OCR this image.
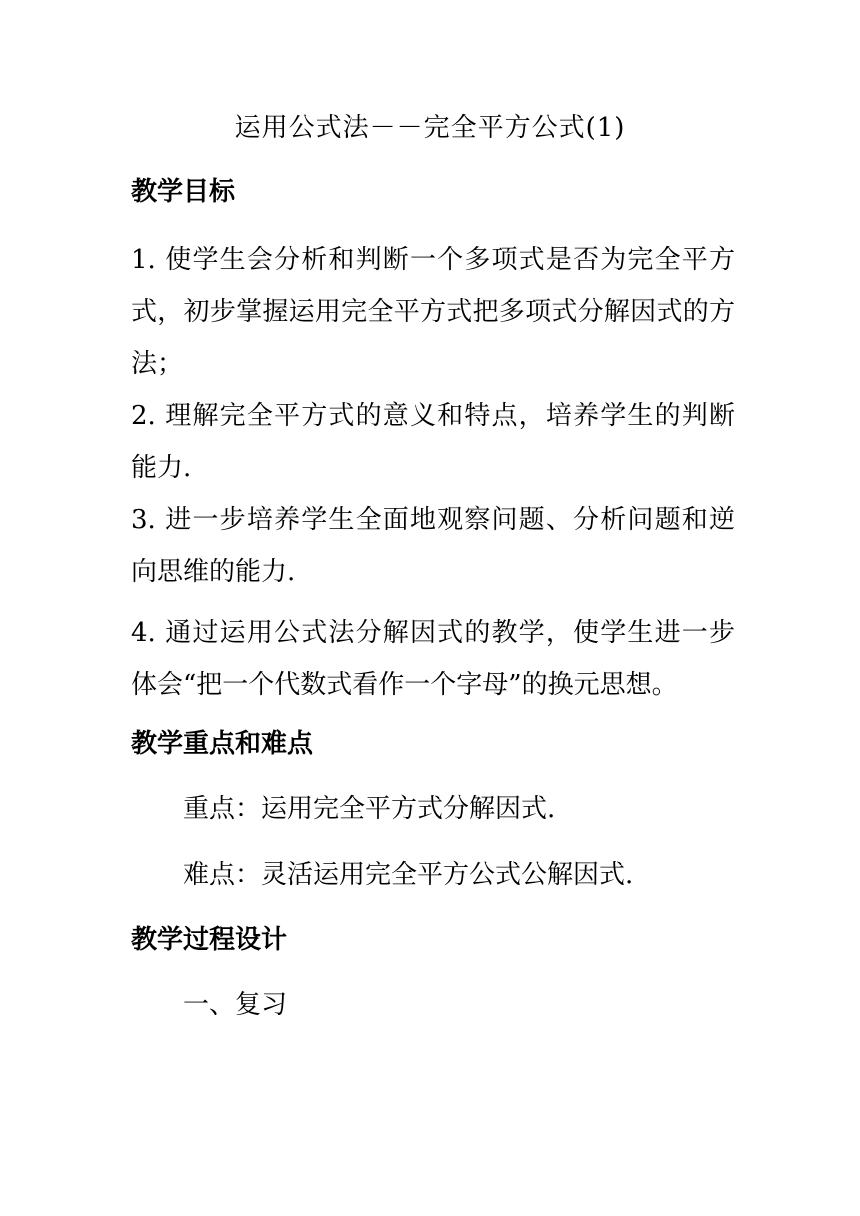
运用公式法－－完全平方公式(1)
教学目标
1. 使学生会分析和判断一个多项式是否为完全平方式，初步掌握运用完全平方式把多项式分解因式的方法；
2. 理解完全平方式的意义和特点，培养学生的判断能力.
3. 进一步培养学生全面地观察问题、分析问题和逆向思维的能力.
4. 通过运用公式法分解因式的教学，使学生进一步体会“把一个代数式看作一个字母”的换元思想。
教学重点和难点
重点：运用完全平方式分解因式.
难点：灵活运用完全平方公式公解因式.
教学过程设计
一、复习
